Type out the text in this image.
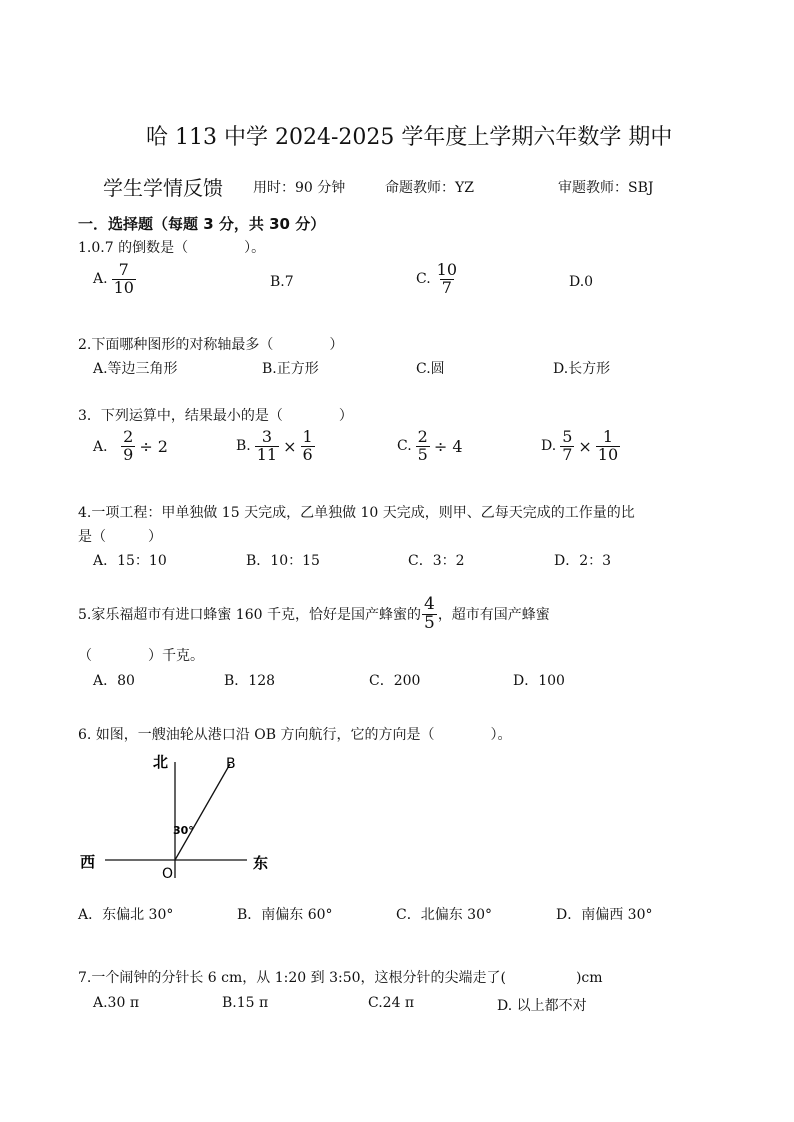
哈 113 中学 2024-2025 学年度上学期六年数学 期中
学生学情反馈 用时：90 分钟	命题教师：YZ	审题教师：SBJ
一．选择题（每题 3 分，共 30 分）
1.0.7 的倒数是（　　　　）。
A. $\frac{7}{10}$	B.7	C. $\frac{10}{7}$	D.0
2.下面哪种图形的对称轴最多（　　　　）
A.等边三角形	B.正方形	C.圆	D.长方形
3．下列运算中，结果最小的是（　　　　）
A． $\frac{2}{9} \div 2$	B. $\frac{3}{11} \times \frac{1}{6}$	C. $\frac{2}{5} \div 4$	D. $\frac{5}{7} \times \frac{1}{10}$
4.一项工程：甲单独做 15 天完成，乙单独做 10 天完成，则甲、乙每天完成的工作量的比
是（　　　）
A．15：10	B．10：15	C．3：2	D．2：3
5.家乐福超市有进口蜂蜜 160 千克，恰好是国产蜂蜜的 $\frac{4}{5}$ ，超市有国产蜂蜜
（　　　　）千克。
A．80	B．128	C．200	D．100
6. 如图，一艘油轮从港口沿 OB 方向航行，它的方向是（　　　　）。
北	B
30°
西	东
O
A．东偏北 30°	B．南偏东 60°	C．北偏东 30°	D．南偏西 30°
7.一个闹钟的分针长 6 cm，从 1:20 到 3:50，这根分针的尖端走了(　　　　　)cm
A.30 π	B.15 π	C.24 π	D. 以上都不对
